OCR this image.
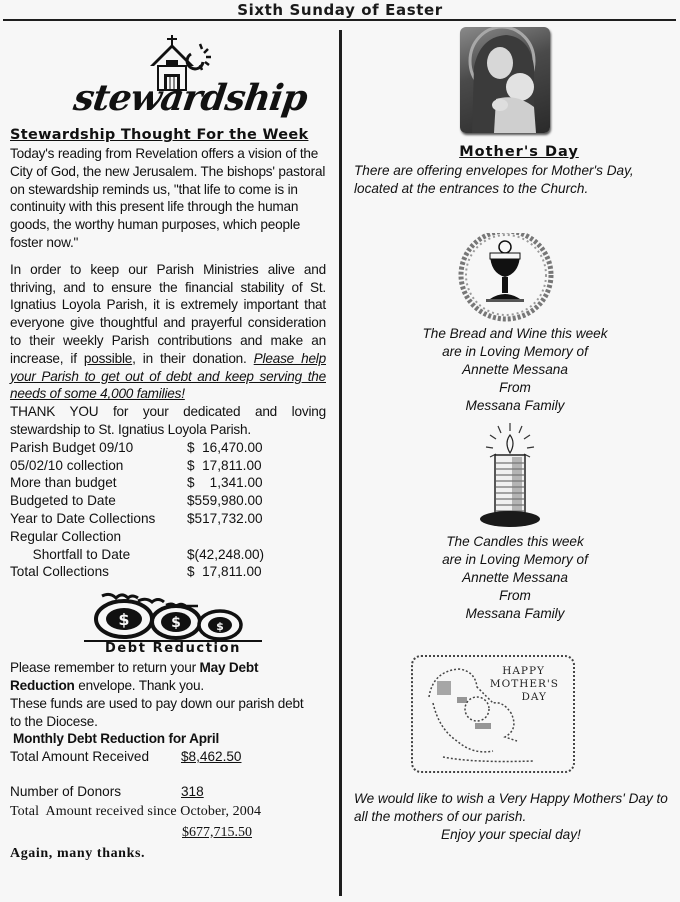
Sixth Sunday of Easter
stewardship
Stewardship Thought For the Week
Today's reading from Revelation offers a vision of the City of God, the new Jerusalem. The bishops' pastoral on stewardship reminds us, "that life to come is in continuity with this present life through the human goods, the worthy human purposes, which people foster now."
In order to keep our Parish Ministries alive and thriving, and to ensure the financial stability of St. Ignatius Loyola Parish, it is extremely important that everyone give thoughtful and prayerful consideration to their weekly Parish contributions and make an increase, if possible, in their donation. Please help your Parish to get out of debt and keep serving the needs of some 4,000 families!
THANK YOU for your dedicated and loving stewardship to St. Ignatius Loyola Parish.
Parish Budget 09/10	$  16,470.00
05/02/10 collection	$  17,811.00
More than budget	$    1,341.00
Budgeted to Date	$559,980.00
Year to Date Collections	$517,732.00
Regular Collection
Shortfall to Date	$(42,248.00)
Total Collections	$  17,811.00
$	$	$
Debt Reduction
Please remember to return your May Debt Reduction envelope. Thank you.
These funds are used to pay down our parish debt to the Diocese.
Monthly Debt Reduction for April
Total Amount Received	$8,462.50
Number of Donors	318
Total  Amount received since October, 2004
$677,715.50
Again, many thanks.
Mother's Day
There are offering envelopes for Mother's Day, located at the entrances to the Church.
The Bread and Wine this week
are in Loving Memory of
Annette Messana
From
Messana Family
The Candles this week
are in Loving Memory of
Annette Messana
From
Messana Family
HAPPY
MOTHER'S
DAY
We would like to wish a Very Happy Mothers' Day to all the mothers of our parish.
Enjoy your special day!
